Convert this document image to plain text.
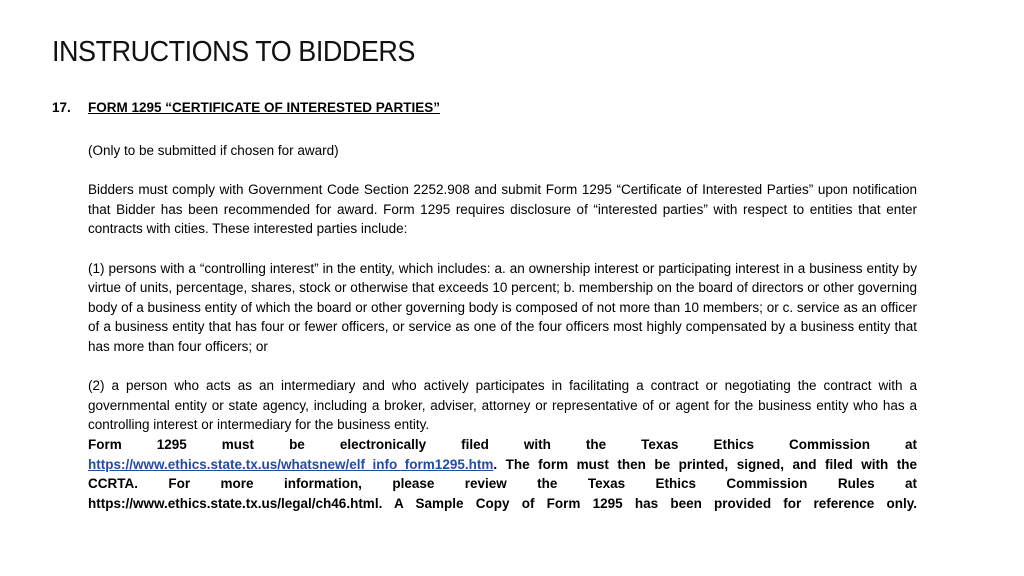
INSTRUCTIONS TO BIDDERS
17. FORM 1295 “CERTIFICATE OF INTERESTED PARTIES”

(Only to be submitted if chosen for award)

Bidders must comply with Government Code Section 2252.908 and submit Form 1295 “Certificate of Interested Parties” upon notification that Bidder has been recommended for award. Form 1295 requires disclosure of “interested parties” with respect to entities that enter contracts with cities. These interested parties include:

(1) persons with a “controlling interest” in the entity, which includes: a. an ownership interest or participating interest in a business entity by virtue of units, percentage, shares, stock or otherwise that exceeds 10 percent; b. membership on the board of directors or other governing body of a business entity of which the board or other governing body is composed of not more than 10 members; or c. service as an officer of a business entity that has four or fewer officers, or service as one of the four officers most highly compensated by a business entity that has more than four officers; or

(2) a person who acts as an intermediary and who actively participates in facilitating a contract or negotiating the contract with a governmental entity or state agency, including a broker, adviser, attorney or representative of or agent for the business entity who has a controlling interest or intermediary for the business entity.

Form 1295 must be electronically filed with the Texas Ethics Commission at https://www.ethics.state.tx.us/whatsnew/elf_info_form1295.htm. The form must then be printed, signed, and filed with the CCRTA. For more information, please review the Texas Ethics Commission Rules at https://www.ethics.state.tx.us/legal/ch46.html. A Sample Copy of Form 1295 has been provided for reference only.
